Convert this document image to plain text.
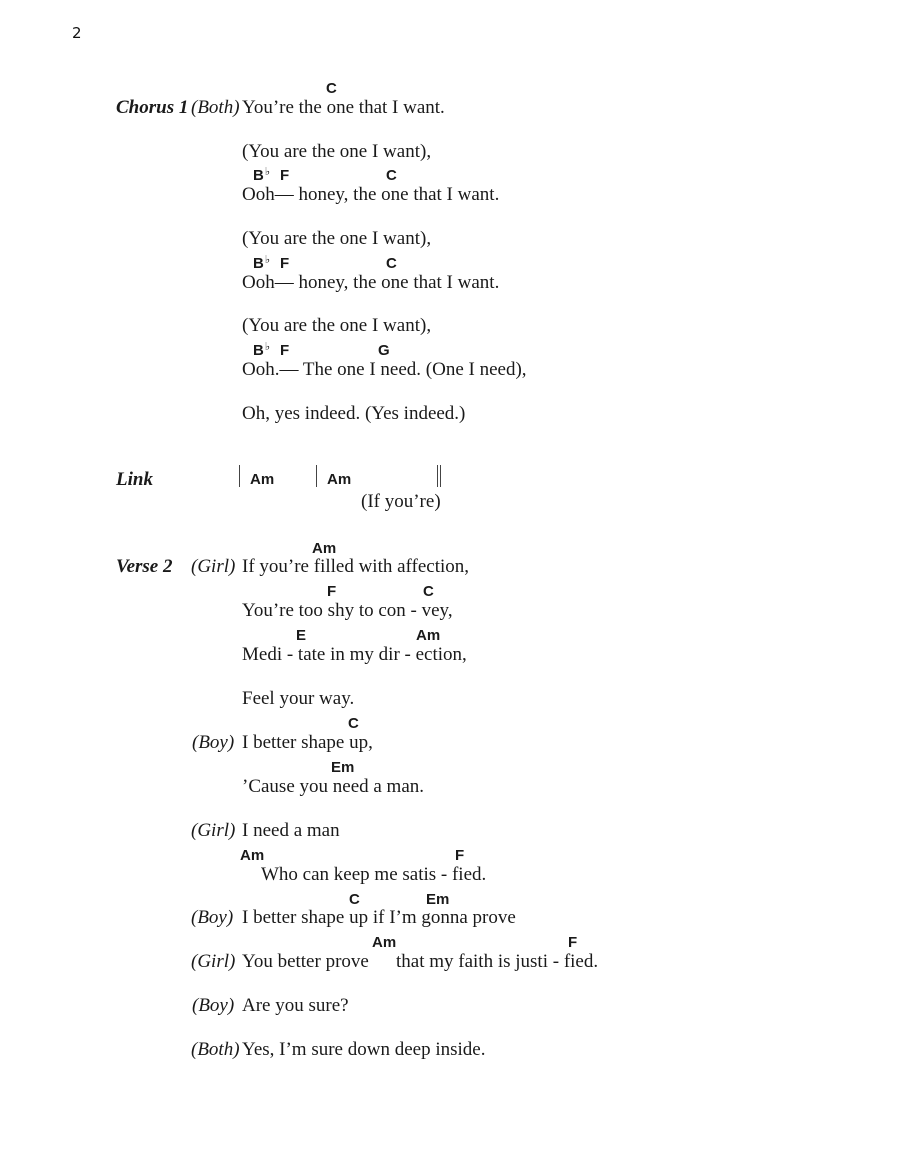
2
Chorus 1 (Both)
C
You’re the one that I want.
(You are the one I want),
B♭ F	C
Ooh— honey, the one that I want.
(You are the one I want),
B♭ F	C
Ooh— honey, the one that I want.
(You are the one I want),
B♭ F	G
Ooh.— The one I need. (One I need),
Oh, yes indeed. (Yes indeed.)
Link	Am	Am
(If you’re)
Verse 2 (Girl)
Am
If you’re filled with affection,
F	C
You’re too shy to con - vey,
E	Am
Medi - tate in my dir - ection,
Feel your way.
(Boy)
C
I better shape up,
Em
’Cause you need a man.
(Girl) I need a man
Am	F
Who can keep me satis - fied.
(Boy)
C	Em
I better shape up if I’m gonna prove
(Girl)
Am	F
You better prove that my faith is justi - fied.
(Boy) Are you sure?
(Both) Yes, I’m sure down deep inside.
